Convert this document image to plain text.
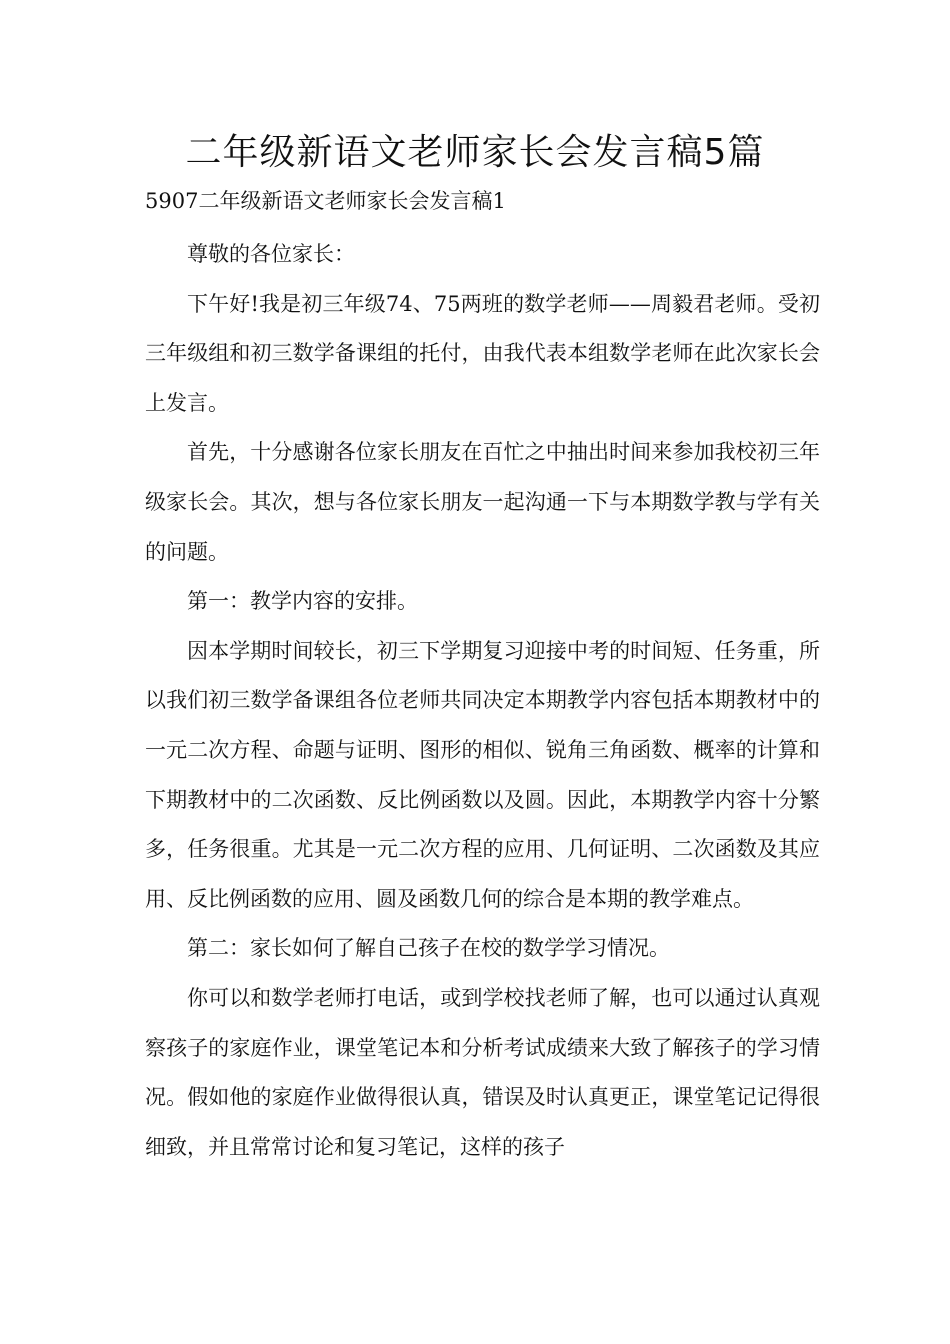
二年级新语文老师家长会发言稿5篇

5907二年级新语文老师家长会发言稿1

尊敬的各位家长：

下午好!我是初三年级74、75两班的数学老师——周毅君老师。受初三年级组和初三数学备课组的托付，由我代表本组数学老师在此次家长会上发言。

首先，十分感谢各位家长朋友在百忙之中抽出时间来参加我校初三年级家长会。其次，想与各位家长朋友一起沟通一下与本期数学教与学有关的问题。

第一：教学内容的安排。

因本学期时间较长，初三下学期复习迎接中考的时间短、任务重，所以我们初三数学备课组各位老师共同决定本期教学内容包括本期教材中的一元二次方程、命题与证明、图形的相似、锐角三角函数、概率的计算和下期教材中的二次函数、反比例函数以及圆。因此，本期教学内容十分繁多，任务很重。尤其是一元二次方程的应用、几何证明、二次函数及其应用、反比例函数的应用、圆及函数几何的综合是本期的教学难点。

第二：家长如何了解自己孩子在校的数学学习情况。

你可以和数学老师打电话，或到学校找老师了解，也可以通过认真观察孩子的家庭作业，课堂笔记本和分析考试成绩来大致了解孩子的学习情况。假如他的家庭作业做得很认真，错误及时认真更正，课堂笔记记得很细致，并且常常讨论和复习笔记，这样的孩子
